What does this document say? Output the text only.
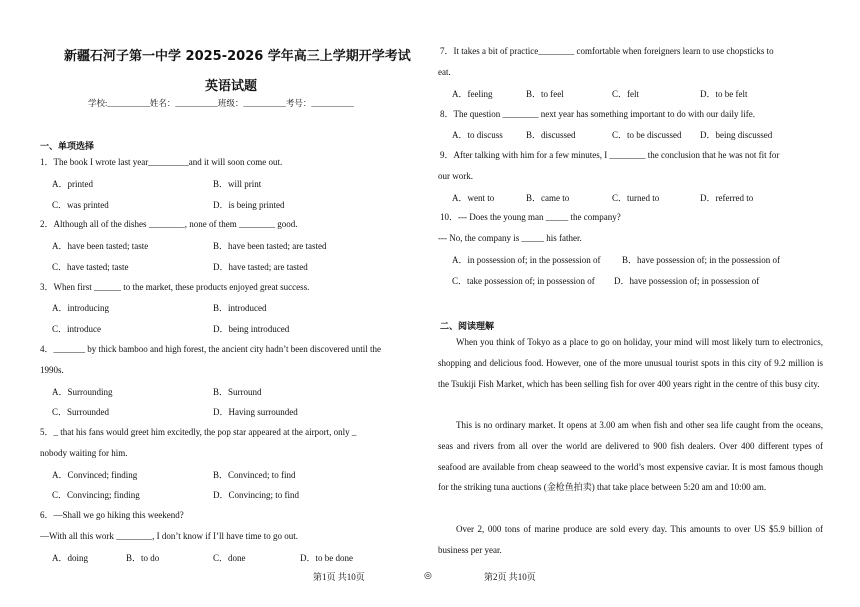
新疆石河子第一中学 2025-2026 学年高三上学期开学考试
英语试题
学校:__________姓名：__________班级：__________考号：__________
一、单项选择
1．The book I wrote last year_________and it will soon come out.
A．printed	B．will print
C．was printed	D．is being printed
2．Although all of the dishes ________, none of them ________ good.
A．have been tasted; taste	B．have been tasted; are tasted
C．have tasted; taste	D．have tasted; are tasted
3．When first ______ to the market, these products enjoyed great success.
A．introducing	B．introduced
C．introduce	D．being introduced
4．_______ by thick bamboo and high forest, the ancient city hadn’t been discovered until the
1990s.
A．Surrounding	B．Surround
C．Surrounded	D．Having surrounded
5．_ that his fans would greet him excitedly, the pop star appeared at the airport, only _
nobody waiting for him.
A．Convinced; finding	B．Convinced; to find
C．Convincing; finding	D．Convincing; to find
6．—Shall we go hiking this weekend?
—With all this work ________, I don’t know if I’ll have time to go out.
A．doing	B．to do	C．done	D．to be done
第1页 共10页	◎
7．It takes a bit of practice________ comfortable when foreigners learn to use chopsticks to
eat.
A．feeling	B．to feel	C．felt	D．to be felt
8．The question ________ next year has something important to do with our daily life.
A．to discuss	B．discussed	C．to be discussed D．being discussed
9．After talking with him for a few minutes, I ________ the conclusion that he was not fit for
our work.
A．went to	B．came to	C．turned to	D．referred to
10．--- Does the young man _____ the company?
--- No, the company is _____ his father.
A．in possession of; in the possession of B．have possession of; in the possession of
C．take possession of; in possession of D．have possession of; in possession of
二、阅读理解
When you think of Tokyo as a place to go on holiday, your mind will most likely turn to electronics, shopping and delicious food. However, one of the more unusual tourist spots in this city of 9.2 million is the Tsukiji Fish Market, which has been selling fish for over 400 years right in the centre of this busy city.
This is no ordinary market. It opens at 3.00 am when fish and other sea life caught from the oceans, seas and rivers from all over the world are delivered to 900 fish dealers. Over 400 different types of seafood are available from cheap seaweed to the world’s most expensive caviar. It is most famous though for the striking tuna auctions (金枪鱼拍卖) that take place between 5:20 am and 10:00 am.
Over 2, 000 tons of marine produce are sold every day. This amounts to over US $5.9 billion of business per year.
第2页 共10页
